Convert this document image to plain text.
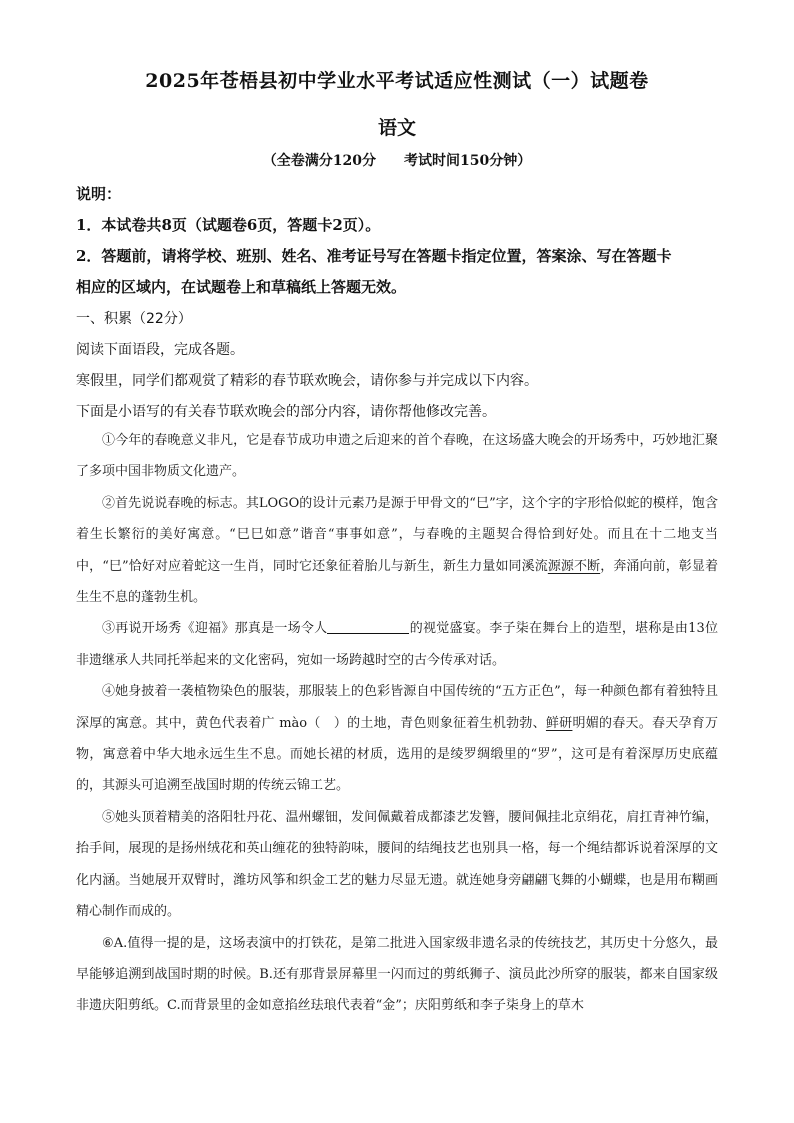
2025年苍梧县初中学业水平考试适应性测试（一）试题卷
语文
（全卷满分120分　　考试时间150分钟）
说明：
1．本试卷共8页（试题卷6页，答题卡2页）。
2．答题前，请将学校、班别、姓名、准考证号写在答题卡指定位置，答案涂、写在答题卡
相应的区域内，在试题卷上和草稿纸上答题无效。
一、积累（22分）
阅读下面语段，完成各题。
寒假里，同学们都观赏了精彩的春节联欢晚会，请你参与并完成以下内容。
下面是小语写的有关春节联欢晚会的部分内容，请你帮他修改完善。
①今年的春晚意义非凡，它是春节成功申遗之后迎来的首个春晚，在这场盛大晚会的开场秀中，巧妙地汇聚了多项中国非物质文化遗产。
②首先说说春晚的标志。其LOGO的设计元素乃是源于甲骨文的“巳”字，这个字的字形恰似蛇的模样，饱含着生长繁衍的美好寓意。“巳巳如意”谐音“事事如意”，与春晚的主题契合得恰到好处。而且在十二地支当中，“巳”恰好对应着蛇这一生肖，同时它还象征着胎儿与新生，新生力量如同溪流源源不断，奔涌向前，彰显着生生不息的蓬勃生机。
③再说开场秀《迎福》那真是一场令人	的视觉盛宴。李子柒在舞台上的造型，堪称是由13位非遗继承人共同托举起来的文化密码，宛如一场跨越时空的古今传承对话。
④她身披着一袭植物染色的服装，那服装上的色彩皆源自中国传统的“五方正色”，每一种颜色都有着独特且深厚的寓意。其中，黄色代表着广 mào（　）的土地，青色则象征着生机勃勃、鲜研明媚的春天。春天孕育万物，寓意着中华大地永远生生不息。而她长裙的材质，选用的是绫罗绸缎里的“罗”，这可是有着深厚历史底蕴的，其源头可追溯至战国时期的传统云锦工艺。
⑤她头顶着精美的洛阳牡丹花、温州螺钿，发间佩戴着成都漆艺发簪，腰间佩挂北京绢花，肩扛青神竹编，抬手间，展现的是扬州绒花和英山缠花的独特韵味，腰间的结绳技艺也别具一格，每一个绳结都诉说着深厚的文化内涵。当她展开双臂时，潍坊风筝和织金工艺的魅力尽显无遗。就连她身旁翩翩飞舞的小蝴蝶，也是用布糊画精心制作而成的。
⑥A.值得一提的是，这场表演中的打铁花，是第二批进入国家级非遗名录的传统技艺，其历史十分悠久，最早能够追溯到战国时期的时候。B.还有那背景屏幕里一闪而过的剪纸狮子、演员此沙所穿的服装，都来自国家级非遗庆阳剪纸。C.而背景里的金如意掐丝珐琅代表着“金”；庆阳剪纸和李子柒身上的草木
